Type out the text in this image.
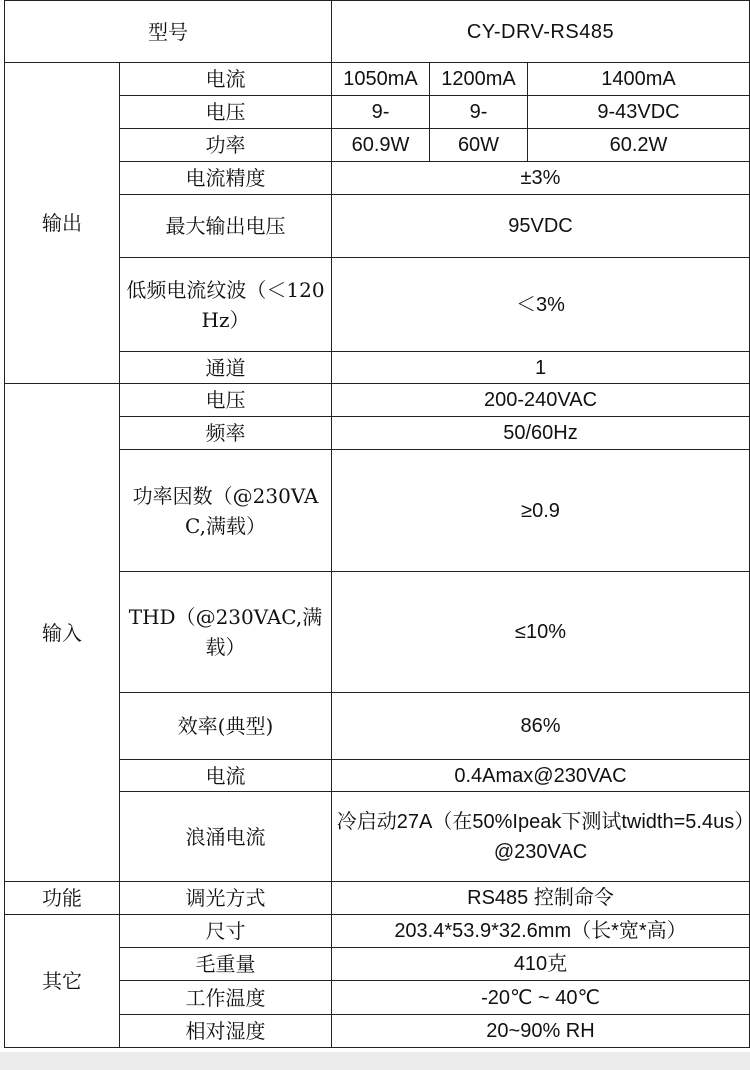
型号		CY-DRV-RS485		
输出	电流	1050mA	1200mA	1400mA
	电压	9-	9-	9-43VDC
	功率	60.9W	60W	60.2W
	电流精度	±3%		
	最大输出电压	95VDC		
	低频电流纹波（＜120Hz）	＜3%		
	通道	1		
输入	电压	200-240VAC		
	频率	50/60Hz		
	功率因数（@230VAC,满载）	≥0.9		
	THD（@230VAC,满载）	≤10%		
	效率(典型)	86%		
	电流	0.4Amax@230VAC		
	浪涌电流	冷启动27A（在50%Ipeak下测试twidth=5.4us）@230VAC		
功能	调光方式	RS485 控制命令		
其它	尺寸	203.4*53.9*32.6mm（长*宽*高）		
	毛重量	410克		
	工作温度	-20℃ ~ 40℃		
	相对湿度	20~90% RH		
